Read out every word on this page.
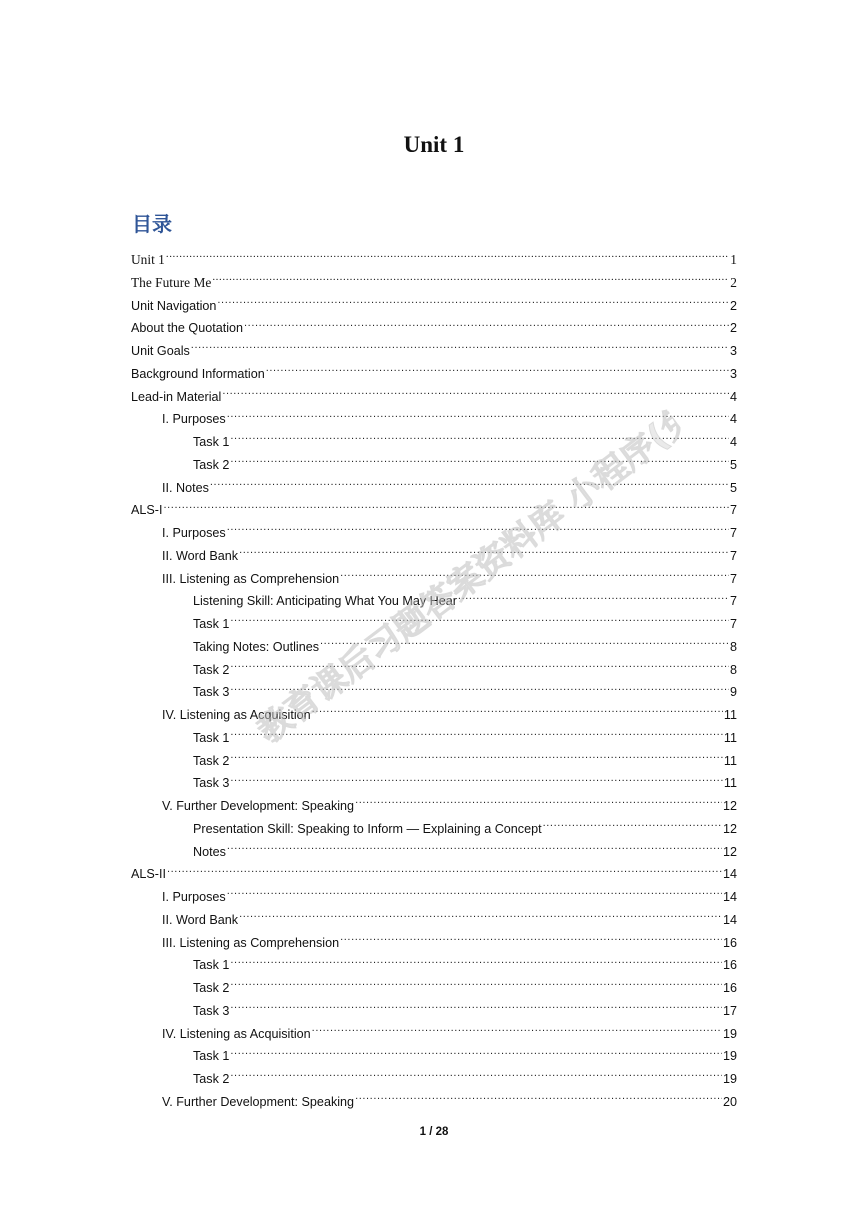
Unit 1
目录
Unit 1 .....	1
The Future Me .....	2
Unit Navigation .....	2
About the Quotation .....	2
Unit Goals .....	3
Background Information .....	3
Lead-in Material .....	4
I. Purposes .....	4
Task 1 .....	4
Task 2 .....	5
II. Notes .....	5
ALS-I .....	7
I. Purposes .....	7
II. Word Bank .....	7
III. Listening as Comprehension .....	7
Listening Skill: Anticipating What You May Hear .....	7
Task 1 .....	7
Taking Notes: Outlines .....	8
Task 2 .....	8
Task 3 .....	9
IV. Listening as Acquisition .....	11
Task 1 .....	11
Task 2 .....	11
Task 3 .....	11
V. Further Development: Speaking .....	12
Presentation Skill: Speaking to Inform — Explaining a Concept .....	12
Notes .....	12
ALS-II .....	14
I. Purposes .....	14
II. Word Bank .....	14
III. Listening as Comprehension .....	16
Task 1 .....	16
Task 2 .....	16
Task 3 .....	17
IV. Listening as Acquisition .....	19
Task 1 .....	19
Task 2 .....	19
V. Further Development: Speaking .....	20
高等教育课后习题答案资料库 小程序(免费)

1 / 28
